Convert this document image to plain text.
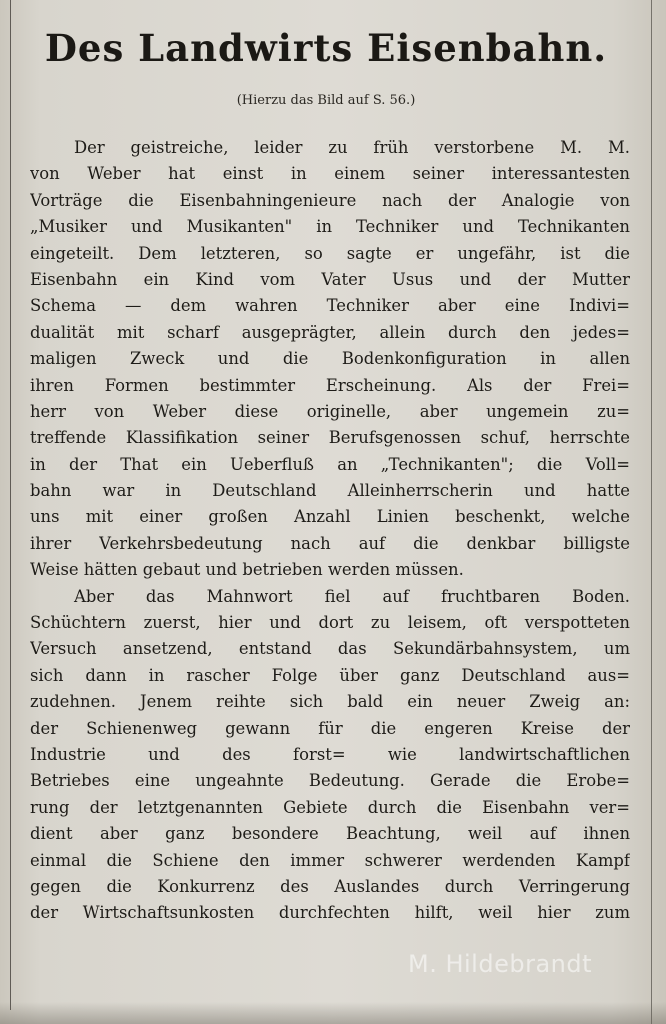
Des Landwirts Eisenbahn.

(Hierzu das Bild auf S. 56.)

Der geistreiche, leider zu früh verstorbene M. M.
von Weber hat einst in einem seiner interessantesten
Vorträge die Eisenbahningenieure nach der Analogie von
„Musiker und Musikanten" in Techniker und Technikanten
eingeteilt. Dem letzteren, so sagte er ungefähr, ist die
Eisenbahn ein Kind vom Vater Usus und der Mutter
Schema — dem wahren Techniker aber eine Indivi=
dualität mit scharf ausgeprägter, allein durch den jedes=
maligen Zweck und die Bodenkonfiguration in allen
ihren Formen bestimmter Erscheinung. Als der Frei=
herr von Weber diese originelle, aber ungemein zu=
treffende Klassifikation seiner Berufsgenossen schuf, herrschte
in der That ein Ueberfluß an „Technikanten"; die Voll=
bahn war in Deutschland Alleinherrscherin und hatte
uns mit einer großen Anzahl Linien beschenkt, welche
ihrer Verkehrsbedeutung nach auf die denkbar billigste
Weise hätten gebaut und betrieben werden müssen.
Aber das Mahnwort fiel auf fruchtbaren Boden.
Schüchtern zuerst, hier und dort zu leisem, oft verspotteten
Versuch ansetzend, entstand das Sekundärbahnsystem, um
sich dann in rascher Folge über ganz Deutschland aus=
zudehnen. Jenem reihte sich bald ein neuer Zweig an:
der Schienenweg gewann für die engeren Kreise der
Industrie und des forst= wie landwirtschaftlichen
Betriebes eine ungeahnte Bedeutung. Gerade die Erobe=
rung der letztgenannten Gebiete durch die Eisenbahn ver=
dient aber ganz besondere Beachtung, weil auf ihnen
einmal die Schiene den immer schwerer werdenden Kampf
gegen die Konkurrenz des Auslandes durch Verringerung
der Wirtschaftsunkosten durchfechten hilft, weil hier zum
M. Hildebrandt
